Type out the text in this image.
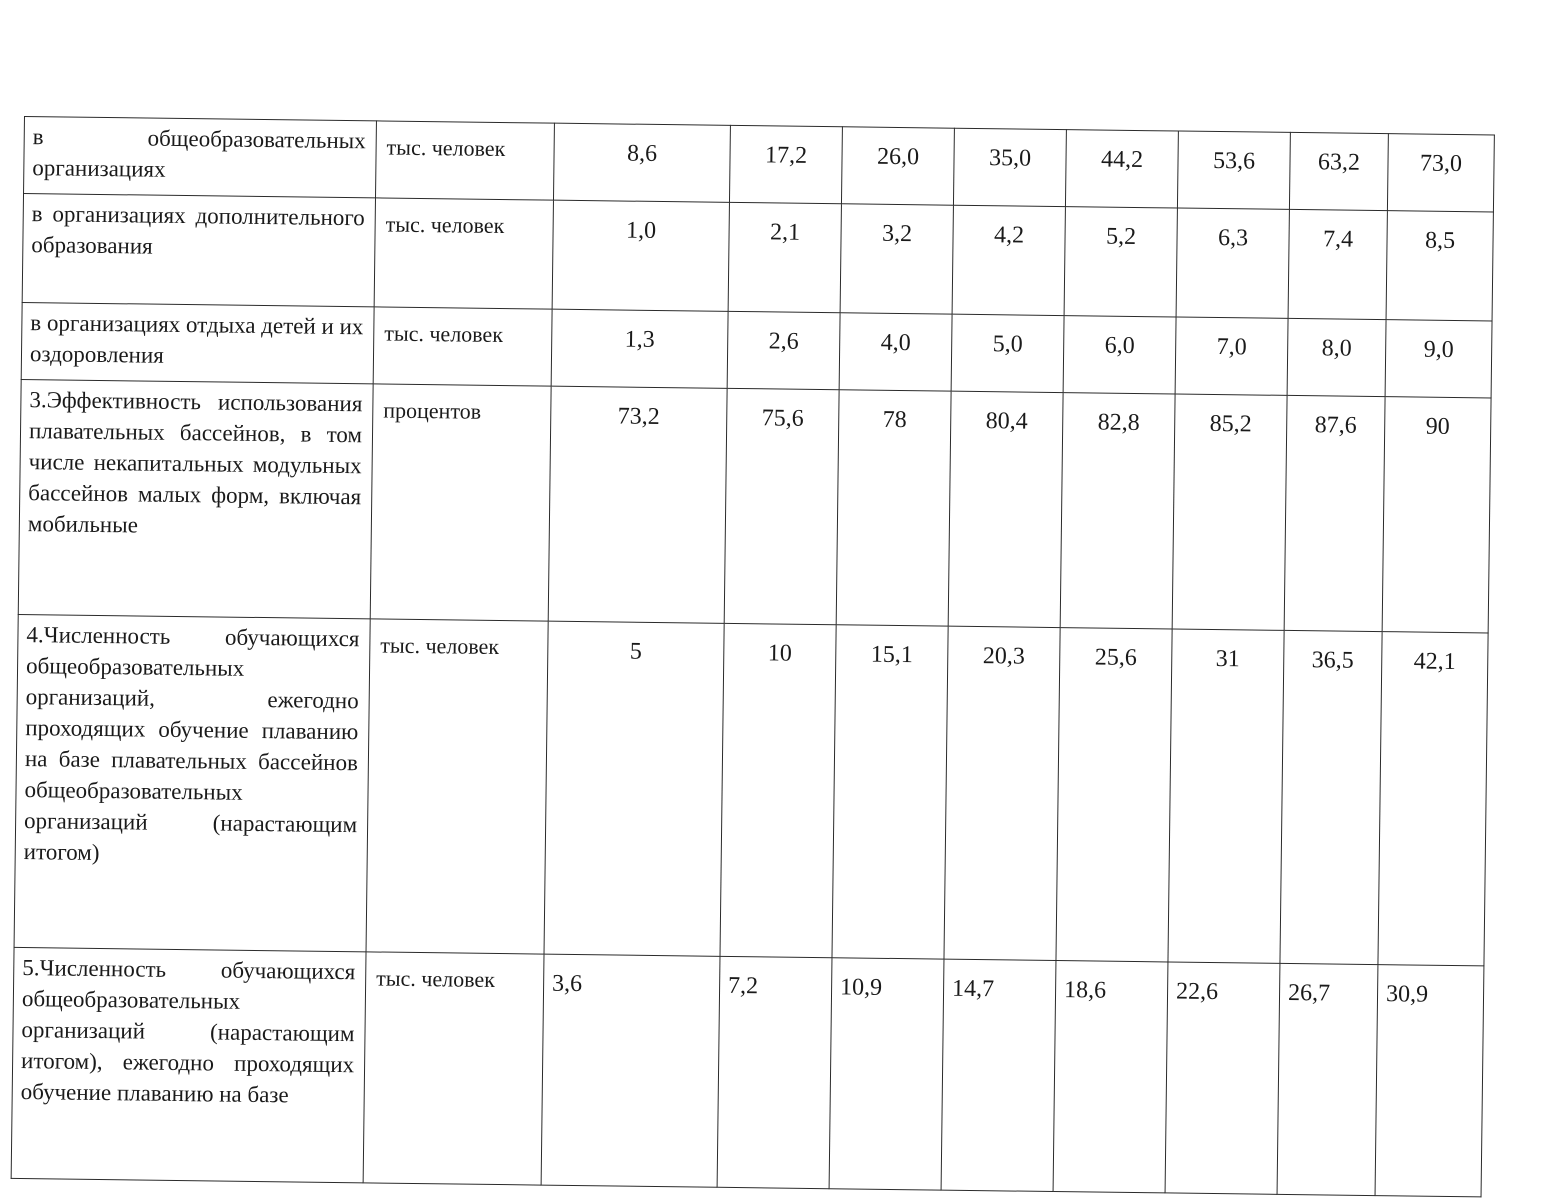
в общеобразовательных организациях	тыс. человек	8,6	17,2	26,0	35,0	44,2	53,6	63,2	73,0
в организациях дополнительного образования	тыс. человек	1,0	2,1	3,2	4,2	5,2	6,3	7,4	8,5
в организациях отдыха детей и их оздоровления	тыс. человек	1,3	2,6	4,0	5,0	6,0	7,0	8,0	9,0
3.Эффективность использования плавательных бассейнов, в том числе некапитальных модульных бассейнов малых форм, включая мобильные	процентов	73,2	75,6	78	80,4	82,8	85,2	87,6	90
4.Численность обучающихся общеобразовательных организаций, ежегодно проходящих обучение плаванию на базе плавательных бассейнов общеобразовательных организаций (нарастающим итогом)	тыс. человек	5	10	15,1	20,3	25,6	31	36,5	42,1
5.Численность обучающихся общеобразовательных организаций (нарастающим итогом), ежегодно проходящих обучение плаванию на базе	тыс. человек	3,6	7,2	10,9	14,7	18,6	22,6	26,7	30,9
